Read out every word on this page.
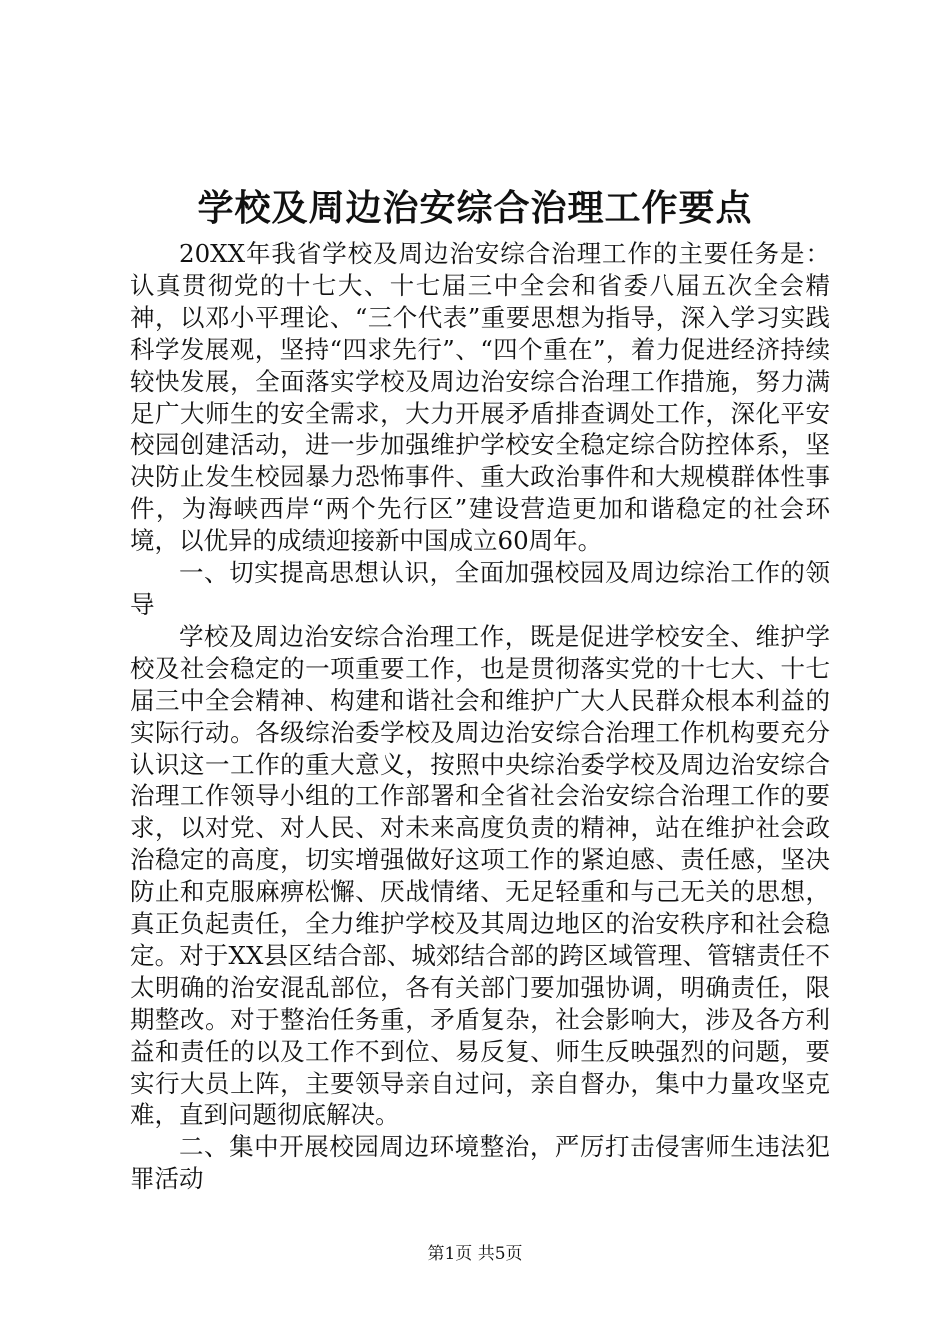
学校及周边治安综合治理工作要点

20XX年我省学校及周边治安综合治理工作的主要任务是：认真贯彻党的十七大、十七届三中全会和省委八届五次全会精神，以邓小平理论、“三个代表”重要思想为指导，深入学习实践科学发展观，坚持“四求先行”、“四个重在”，着力促进经济持续较快发展，全面落实学校及周边治安综合治理工作措施，努力满足广大师生的安全需求，大力开展矛盾排查调处工作，深化平安校园创建活动，进一步加强维护学校安全稳定综合防控体系，坚决防止发生校园暴力恐怖事件、重大政治事件和大规模群体性事件，为海峡西岸“两个先行区”建设营造更加和谐稳定的社会环境，以优异的成绩迎接新中国成立60周年。

一、切实提高思想认识，全面加强校园及周边综治工作的领导

学校及周边治安综合治理工作，既是促进学校安全、维护学校及社会稳定的一项重要工作，也是贯彻落实党的十七大、十七届三中全会精神、构建和谐社会和维护广大人民群众根本利益的实际行动。各级综治委学校及周边治安综合治理工作机构要充分认识这一工作的重大意义，按照中央综治委学校及周边治安综合治理工作领导小组的工作部署和全省社会治安综合治理工作的要求，以对党、对人民、对未来高度负责的精神，站在维护社会政治稳定的高度，切实增强做好这项工作的紧迫感、责任感，坚决防止和克服麻痹松懈、厌战情绪、无足轻重和与己无关的思想，真正负起责任，全力维护学校及其周边地区的治安秩序和社会稳定。对于XX县区结合部、城郊结合部的跨区域管理、管辖责任不太明确的治安混乱部位，各有关部门要加强协调，明确责任，限期整改。对于整治任务重，矛盾复杂，社会影响大，涉及各方利益和责任的以及工作不到位、易反复、师生反映强烈的问题，要实行大员上阵，主要领导亲自过问，亲自督办，集中力量攻坚克难，直到问题彻底解决。

二、集中开展校园周边环境整治，严厉打击侵害师生违法犯罪活动

第1页 共5页
